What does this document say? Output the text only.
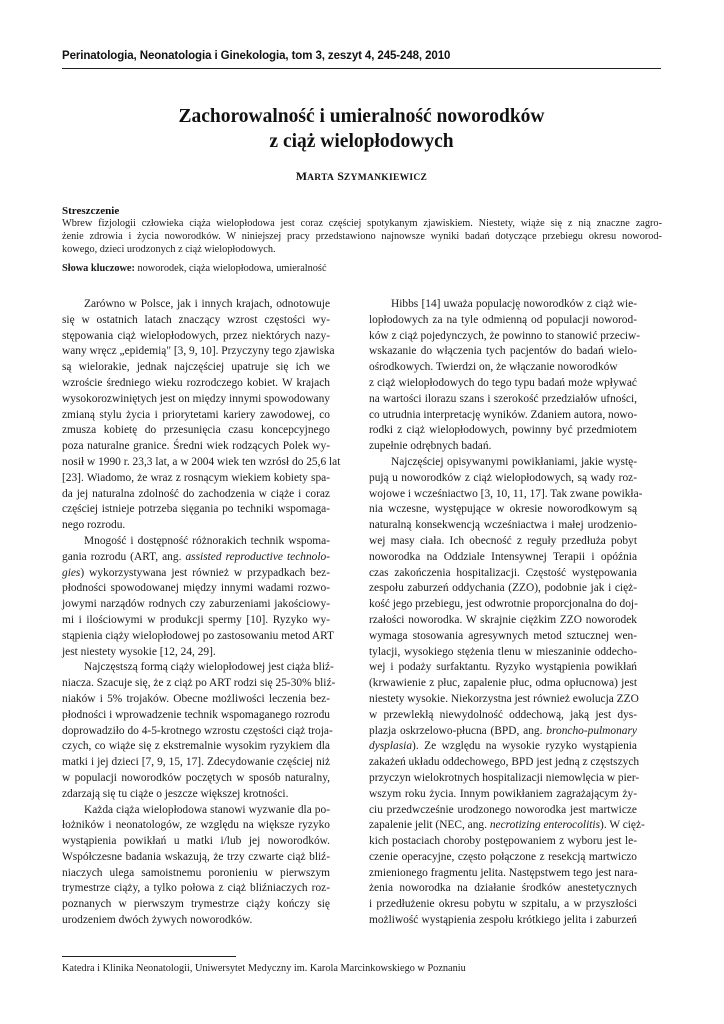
Perinatologia, Neonatologia i Ginekologia, tom 3, zeszyt 4, 245-248, 2010
Zachorowalność i umieralność noworodków
z ciąż wielopłodowych
MARTA SZYMANKIEWICZ
Streszczenie
Wbrew fizjologii człowieka ciąża wielopłodowa jest coraz częściej spotykanym zjawiskiem. Niestety, wiąże się z nią znaczne zagro-
żenie zdrowia i życia noworodków. W niniejszej pracy przedstawiono najnowsze wyniki badań dotyczące przebiegu okresu noworod-
kowego, dzieci urodzonych z ciąż wielopłodowych.
Słowa kluczowe: noworodek, ciąża wielopłodowa, umieralność
Zarówno w Polsce, jak i innych krajach, odnotowuje
się w ostatnich latach znaczący wzrost częstości wy-
stępowania ciąż wielopłodowych, przez niektórych nazy-
wany wręcz „epidemią" [3, 9, 10]. Przyczyny tego zjawiska
są wielorakie, jednak najczęściej upatruje się ich we
wzroście średniego wieku rozrodczego kobiet. W krajach
wysokorozwiniętych jest on między innymi spowodowany
zmianą stylu życia i priorytetami kariery zawodowej, co
zmusza kobietę do przesunięcia czasu koncepcyjnego
poza naturalne granice. Średni wiek rodzących Polek wy-
nosił w 1990 r. 23,3 lat, a w 2004 wiek ten wzrósł do 25,6 lat
[23]. Wiadomo, że wraz z rosnącym wiekiem kobiety spa-
da jej naturalna zdolność do zachodzenia w ciąże i coraz
częściej istnieje potrzeba sięgania po techniki wspomaga-
nego rozrodu.
Mnogość i dostępność różnorakich technik wspoma-
gania rozrodu (ART, ang. assisted reproductive technolo-
gies) wykorzystywana jest również w przypadkach bez-
płodności spowodowanej między innymi wadami rozwo-
jowymi narządów rodnych czy zaburzeniami jakościowy-
mi i ilościowymi w produkcji spermy [10]. Ryzyko wy-
stąpienia ciąży wielopłodowej po zastosowaniu metod ART
jest niestety wysokie [12, 24, 29].
Najczęstszą formą ciąży wielopłodowej jest ciąża bliź-
niacza. Szacuje się, że z ciąż po ART rodzi się 25-30% bliź-
niaków i 5% trojaków. Obecne możliwości leczenia bez-
płodności i wprowadzenie technik wspomaganego rozrodu
doprowadziło do 4-5-krotnego wzrostu częstości ciąż troja-
czych, co wiąże się z ekstremalnie wysokim ryzykiem dla
matki i jej dzieci [7, 9, 15, 17]. Zdecydowanie częściej niż
w populacji noworodków poczętych w sposób naturalny,
zdarzają się tu ciąże o jeszcze większej krotności.
Każda ciąża wielopłodowa stanowi wyzwanie dla po-
łożników i neonatologów, ze względu na większe ryzyko
wystąpienia powikłań u matki i/lub jej noworodków.
Współczesne badania wskazują, że trzy czwarte ciąż bliź-
niaczych ulega samoistnemu poronieniu w pierwszym
trymestrze ciąży, a tylko połowa z ciąż bliźniaczych roz-
poznanych w pierwszym trymestrze ciąży kończy się
urodzeniem dwóch żywych noworodków.
Hibbs [14] uważa populację noworodków z ciąż wie-
lopłodowych za na tyle odmienną od populacji noworod-
ków z ciąż pojedynczych, że powinno to stanowić przeciw-
wskazanie do włączenia tych pacjentów do badań wielo-
ośrodkowych. Twierdzi on, że włączanie noworodków
z ciąż wielopłodowych do tego typu badań może wpływać
na wartości ilorazu szans i szerokość przedziałów ufności,
co utrudnia interpretację wyników. Zdaniem autora, nowo-
rodki z ciąż wielopłodowych, powinny być przedmiotem
zupełnie odrębnych badań.
Najczęściej opisywanymi powikłaniami, jakie wystę-
pują u noworodków z ciąż wielopłodowych, są wady roz-
wojowe i wcześniactwo [3, 10, 11, 17]. Tak zwane powikła-
nia wczesne, występujące w okresie noworodkowym są
naturalną konsekwencją wcześniactwa i małej urodzenio-
wej masy ciała. Ich obecność z reguły przedłuża pobyt
noworodka na Oddziale Intensywnej Terapii i opóźnia
czas zakończenia hospitalizacji. Częstość występowania
zespołu zaburzeń oddychania (ZZO), podobnie jak i cięż-
kość jego przebiegu, jest odwrotnie proporcjonalna do doj-
rzałości noworodka. W skrajnie ciężkim ZZO noworodek
wymaga stosowania agresywnych metod sztucznej wen-
tylacji, wysokiego stężenia tlenu w mieszaninie oddecho-
wej i podaży surfaktantu. Ryzyko wystąpienia powikłań
(krwawienie z płuc, zapalenie płuc, odma opłucnowa) jest
niestety wysokie. Niekorzystna jest również ewolucja ZZO
w przewlekłą niewydolność oddechową, jaką jest dys-
plazja oskrzelowo-płucna (BPD, ang. broncho-pulmonary
dysplasia). Ze względu na wysokie ryzyko wystąpienia
zakażeń układu oddechowego, BPD jest jedną z częstszych
przyczyn wielokrotnych hospitalizacji niemowlęcia w pier-
wszym roku życia. Innym powikłaniem zagrażającym ży-
ciu przedwcześnie urodzonego noworodka jest martwicze
zapalenie jelit (NEC, ang. necrotizing enterocolitis). W cięż-
kich postaciach choroby postępowaniem z wyboru jest le-
czenie operacyjne, często połączone z resekcją martwiczo
zmienionego fragmentu jelita. Następstwem tego jest nara-
żenia noworodka na działanie środków anestetycznych
i przedłużenie okresu pobytu w szpitalu, a w przyszłości
możliwość wystąpienia zespołu krótkiego jelita i zaburzeń
Katedra i Klinika Neonatologii, Uniwersytet Medyczny im. Karola Marcinkowskiego w Poznaniu
